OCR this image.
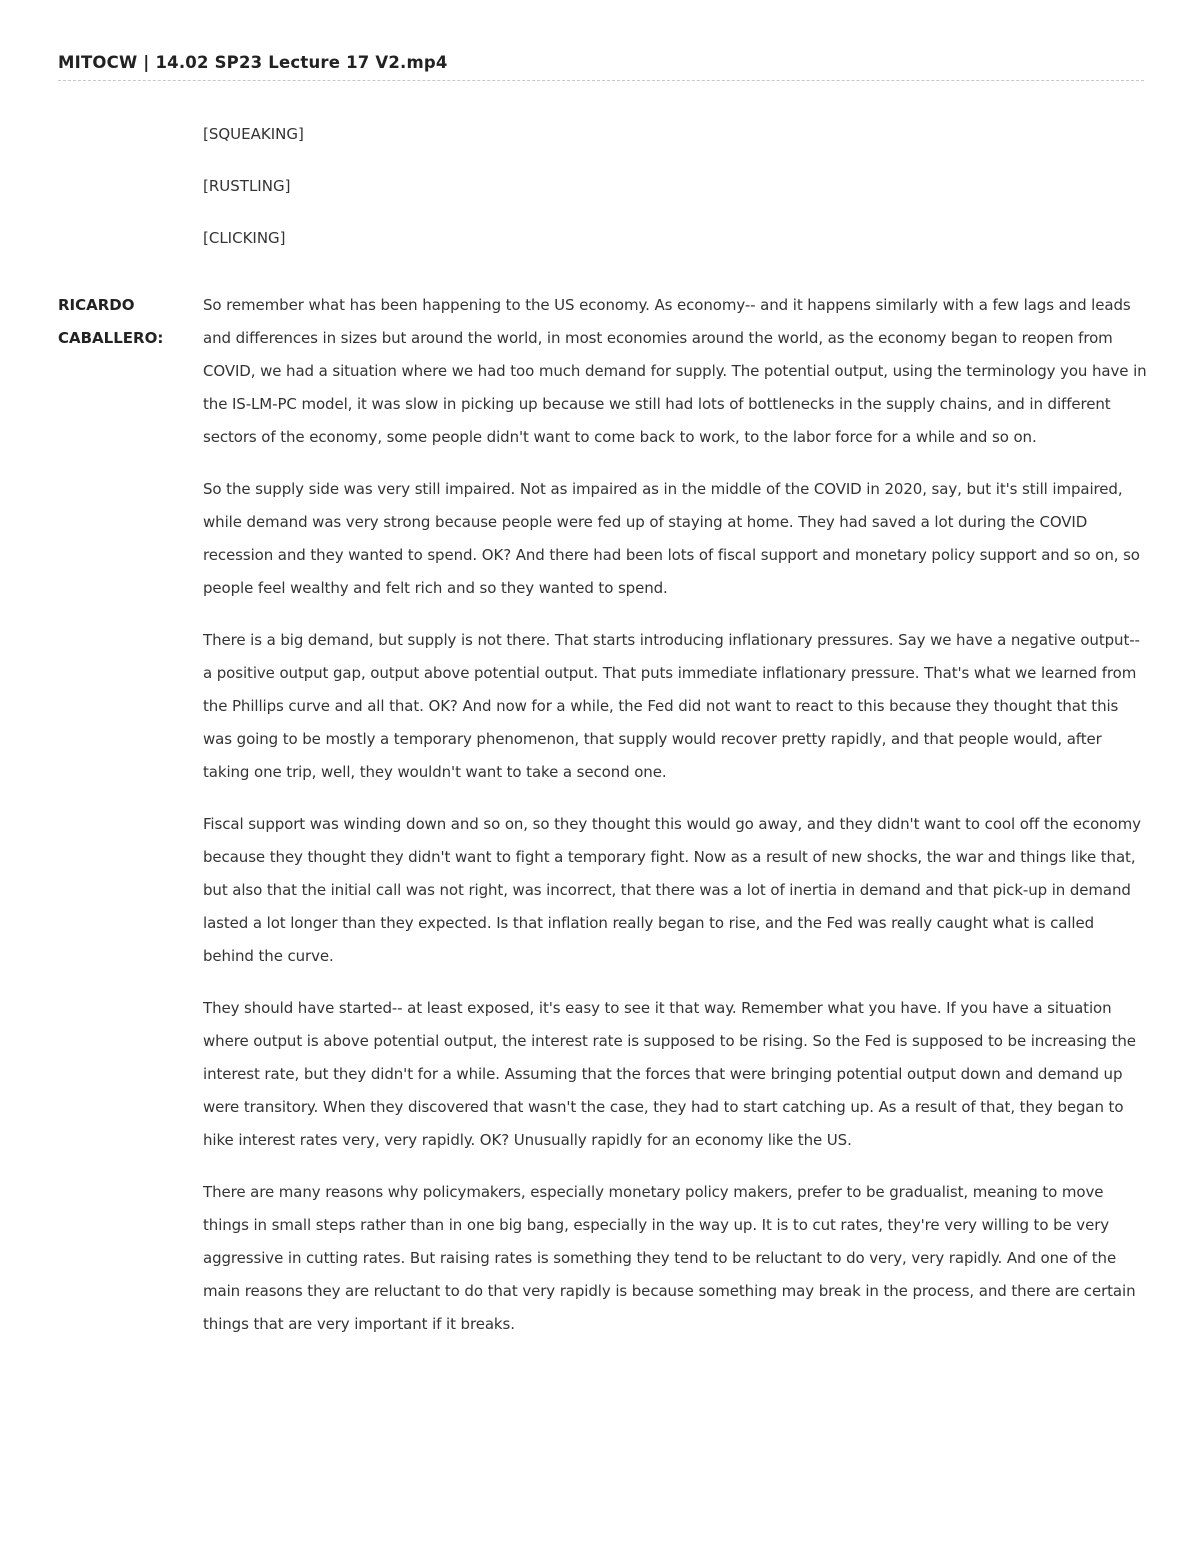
MITOCW | 14.02 SP23 Lecture 17 V2.mp4
[SQUEAKING]
[RUSTLING]
[CLICKING]
RICARDO
CABALLERO:

So remember what has been happening to the US economy. As economy-- and it happens similarly with a few lags and leads and differences in sizes but around the world, in most economies around the world, as the economy began to reopen from COVID, we had a situation where we had too much demand for supply. The potential output, using the terminology you have in the IS-LM-PC model, it was slow in picking up because we still had lots of bottlenecks in the supply chains, and in different sectors of the economy, some people didn't want to come back to work, to the labor force for a while and so on.

So the supply side was very still impaired. Not as impaired as in the middle of the COVID in 2020, say, but it's still impaired, while demand was very strong because people were fed up of staying at home. They had saved a lot during the COVID recession and they wanted to spend. OK? And there had been lots of fiscal support and monetary policy support and so on, so people feel wealthy and felt rich and so they wanted to spend.

There is a big demand, but supply is not there. That starts introducing inflationary pressures. Say we have a negative output-- a positive output gap, output above potential output. That puts immediate inflationary pressure. That's what we learned from the Phillips curve and all that. OK? And now for a while, the Fed did not want to react to this because they thought that this was going to be mostly a temporary phenomenon, that supply would recover pretty rapidly, and that people would, after taking one trip, well, they wouldn't want to take a second one.

Fiscal support was winding down and so on, so they thought this would go away, and they didn't want to cool off the economy because they thought they didn't want to fight a temporary fight. Now as a result of new shocks, the war and things like that, but also that the initial call was not right, was incorrect, that there was a lot of inertia in demand and that pick-up in demand lasted a lot longer than they expected. Is that inflation really began to rise, and the Fed was really caught what is called behind the curve.

They should have started-- at least exposed, it's easy to see it that way. Remember what you have. If you have a situation where output is above potential output, the interest rate is supposed to be rising. So the Fed is supposed to be increasing the interest rate, but they didn't for a while. Assuming that the forces that were bringing potential output down and demand up were transitory. When they discovered that wasn't the case, they had to start catching up. As a result of that, they began to hike interest rates very, very rapidly. OK? Unusually rapidly for an economy like the US.

There are many reasons why policymakers, especially monetary policy makers, prefer to be gradualist, meaning to move things in small steps rather than in one big bang, especially in the way up. It is to cut rates, they're very willing to be very aggressive in cutting rates. But raising rates is something they tend to be reluctant to do very, very rapidly. And one of the main reasons they are reluctant to do that very rapidly is because something may break in the process, and there are certain things that are very important if it breaks.
